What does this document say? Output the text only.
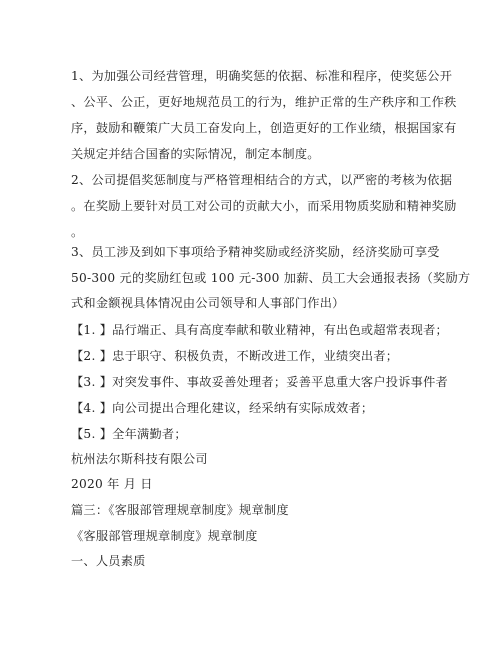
1、为加强公司经营管理，明确奖惩的依据、标准和程序，使奖惩公开
、公平、公正，更好地规范员工的行为，维护正常的生产秩序和工作秩
序，鼓励和鞭策广大员工奋发向上，创造更好的工作业绩，根据国家有
关规定并结合国畜的实际情况，制定本制度。
2、公司提倡奖惩制度与严格管理相结合的方式，以严密的考核为依据
。在奖励上要针对员工对公司的贡献大小，而采用物质奖励和精神奖励
。
3、员工涉及到如下事项给予精神奖励或经济奖励，经济奖励可享受
50-300 元的奖励红包或 100 元-300 加薪、员工大会通报表扬（奖励方
式和金额视具体情况由公司领导和人事部门作出）
【1. 】品行端正、具有高度奉献和敬业精神，有出色或超常表现者；
【2. 】忠于职守、积极负责，不断改进工作，业绩突出者；
【3. 】对突发事件、事故妥善处理者；妥善平息重大客户投诉事件者
【4. 】向公司提出合理化建议，经采纳有实际成效者；
【5. 】全年满勤者；
杭州法尔斯科技有限公司
2020 年 月 日
篇三：《客服部管理规章制度》规章制度
《客服部管理规章制度》规章制度
一、人员素质
